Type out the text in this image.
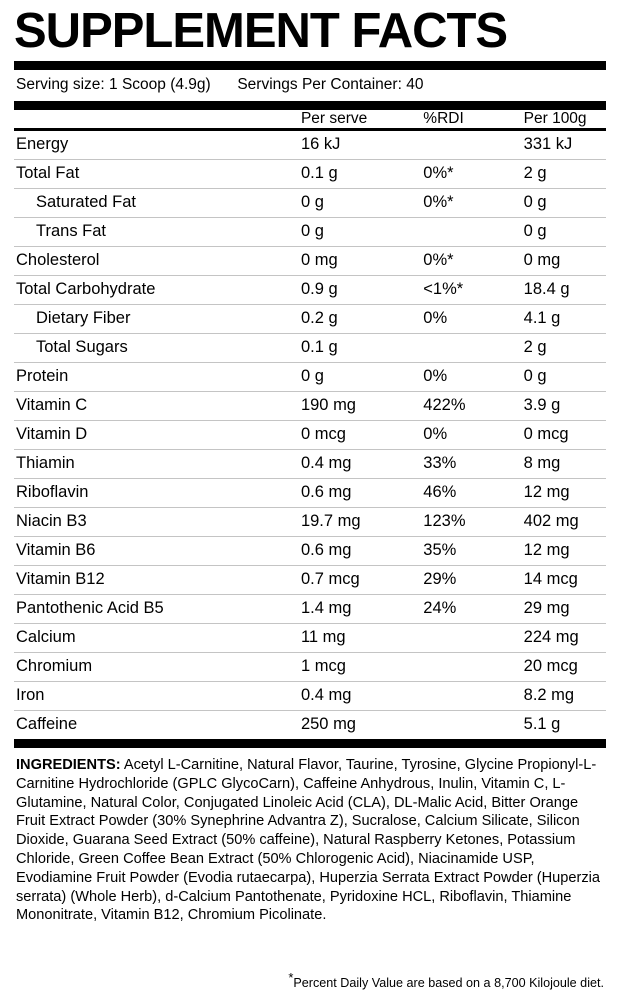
SUPPLEMENT FACTS
Serving size: 1 Scoop (4.9g) Servings Per Container: 40
	Per serve	%RDI	Per 100g
Energy	16 kJ		331 kJ
Total Fat	0.1 g	0%*	2 g
Saturated Fat	0 g	0%*	0 g
Trans Fat	0 g		0 g
Cholesterol	0 mg	0%*	0 mg
Total Carbohydrate	0.9 g	<1%*	18.4 g
Dietary Fiber	0.2 g	0%	4.1 g
Total Sugars	0.1 g		2 g
Protein	0 g	0%	0 g
Vitamin C	190 mg	422%	3.9 g
Vitamin D	0 mcg	0%	0 mcg
Thiamin	0.4 mg	33%	8 mg
Riboflavin	0.6 mg	46%	12 mg
Niacin B3	19.7 mg	123%	402 mg
Vitamin B6	0.6 mg	35%	12 mg
Vitamin B12	0.7 mcg	29%	14 mcg
Pantothenic Acid B5	1.4 mg	24%	29 mg
Calcium	11 mg		224 mg
Chromium	1 mcg		20 mcg
Iron	0.4 mg		8.2 mg
Caffeine	250 mg		5.1 g
INGREDIENTS: Acetyl L-Carnitine, Natural Flavor, Taurine, Tyrosine, Glycine Propionyl-L-Carnitine Hydrochloride (GPLC GlycoCarn), Caffeine Anhydrous, Inulin, Vitamin C, L-Glutamine, Natural Color, Conjugated Linoleic Acid (CLA), DL-Malic Acid, Bitter Orange Fruit Extract Powder (30% Synephrine Advantra Z), Sucralose, Calcium Silicate, Silicon Dioxide, Guarana Seed Extract (50% caffeine), Natural Raspberry Ketones, Potassium Chloride, Green Coffee Bean Extract (50% Chlorogenic Acid), Niacinamide USP, Evodiamine Fruit Powder (Evodia rutaecarpa), Huperzia Serrata Extract Powder (Huperzia serrata) (Whole Herb), d-Calcium Pantothenate, Pyridoxine HCL, Riboflavin, Thiamine Mononitrate, Vitamin B12, Chromium Picolinate.
*Percent Daily Value are based on a 8,700 Kilojoule diet.
